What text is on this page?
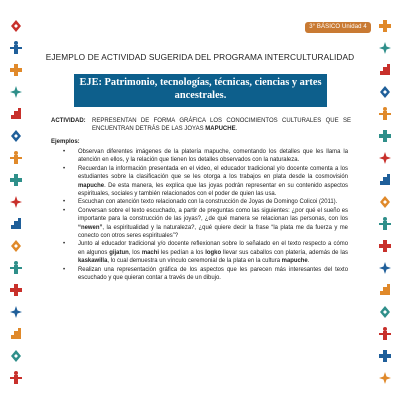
3° BÁSICO Unidad 4
EJEMPLO DE ACTIVIDAD SUGERIDA DEL PROGRAMA INTERCULTURALIDAD
EJE: Patrimonio, tecnologías, técnicas, ciencias y artes
ancestrales.
ACTIVIDAD:	REPRESENTAN DE FORMA GRÁFICA LOS CONOCIMIENTOS CULTURALES QUE SE ENCUENTRAN DETRÁS DE LAS JOYAS MAPUCHE.
Ejemplos:
• Observan diferentes imágenes de la platería mapuche, comentando los detalles que les llama la atención en ellos, y la relación que tienen los detalles observados con la naturaleza.
• Recuerdan la información presentada en el video, el educador tradicional y/o docente comenta a los estudiantes sobre la clasificación que se les otorga a los trabajos en plata desde la cosmovisión mapuche. De esta manera, les explica que las joyas podrán representar en su contenido aspectos espirituales, sociales y también relacionados con el poder de quien las usa.
• Escuchan con atención texto relacionado con la construcción de Joyas de Domingo Colicoi (2011).
• Conversan sobre el texto escuchado, a partir de preguntas como las siguientes: ¿por qué el sueño es importante para la construcción de las joyas?, ¿de qué manera se relacionan las personas, con los “newen”, la espiritualidad y la naturaleza?, ¿qué quiere decir la frase “la plata me da fuerza y me conecto con otros seres espirituales”?
• Junto al educador tradicional y/o docente reflexionan sobre lo señalado en el texto respecto a cómo en algunos gijatun, los machi les pedían a los logko llevar sus caballos con platería, además de las kaskawilla, lo cual demuestra un vínculo ceremonial de la plata en la cultura mapuche.
• Realizan una representación gráfica de los aspectos que les parecen más interesantes del texto escuchado y que quieran contar a través de un dibujo.
